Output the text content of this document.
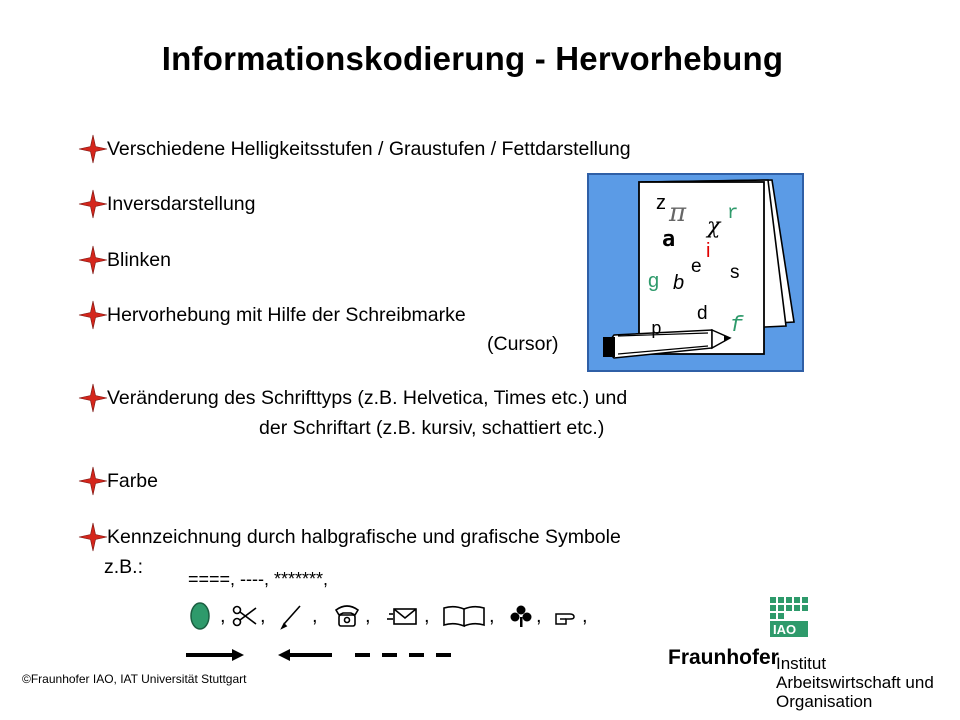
Informationskodierung - Hervorhebung
Verschiedene Helligkeitsstufen / Graustufen / Fettdarstellung
Inversdarstellung
Blinken
Hervorhebung mit Hilfe der Schreibmarke
(Cursor)
Veränderung des Schrifttyps (z.B. Helvetica, Times etc.) und
der Schriftart (z.B. kursiv, schattiert etc.)
Farbe
Kennzeichnung durch halbgrafische und grafische Symbole
z.B.:
====, ----, *******,
, , , ,	,	, , ,
z π χ
r
a i
e s
g b
d f
p
©Fraunhofer IAO, IAT Universität Stuttgart
IAO
Fraunhofer
Institut
Arbeitswirtschaft und
Organisation
